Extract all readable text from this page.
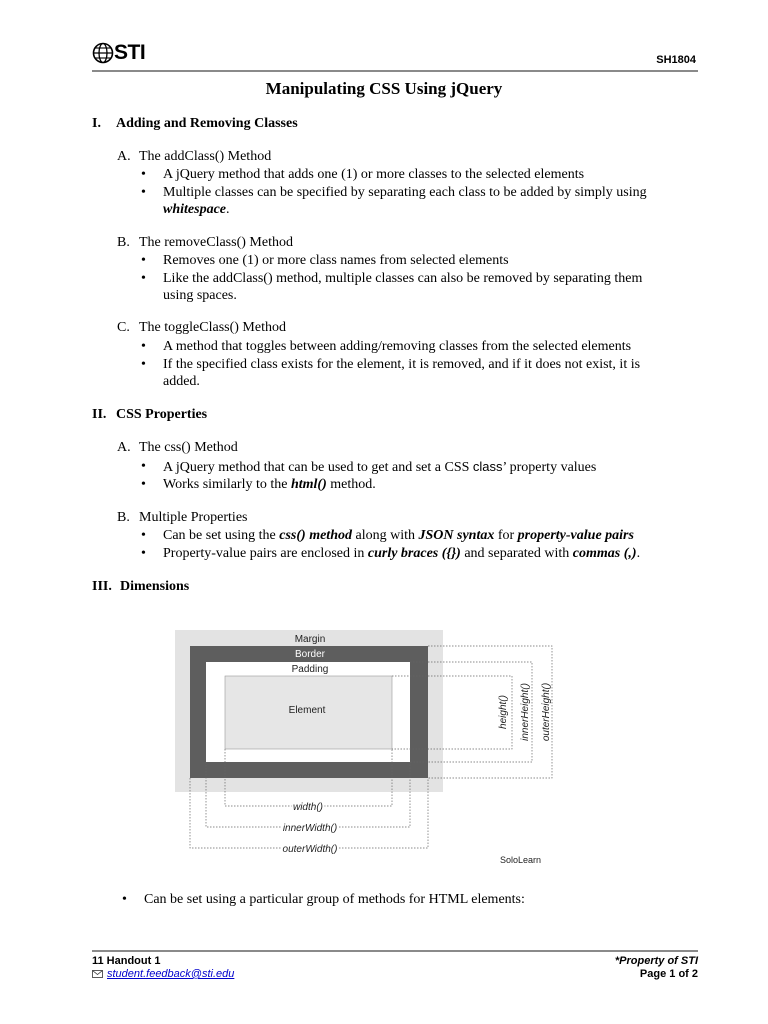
STI	SH1804
Manipulating CSS Using jQuery
I. Adding and Removing Classes
A. The addClass() Method
• A jQuery method that adds one (1) or more classes to the selected elements
• Multiple classes can be specified by separating each class to be added by simply using
whitespace.
B. The removeClass() Method
• Removes one (1) or more class names from selected elements
• Like the addClass() method, multiple classes can also be removed by separating them
using spaces.
C. The toggleClass() Method
• A method that toggles between adding/removing classes from the selected elements
• If the specified class exists for the element, it is removed, and if it does not exist, it is
added.
II. CSS Properties
A. The css() Method
• A jQuery method that can be used to get and set a CSS class’ property values
• Works similarly to the html() method.
B. Multiple Properties
• Can be set using the css() method along with JSON syntax for property-value pairs
• Property-value pairs are enclosed in curly braces ({}) and separated with commas (,).
III. Dimensions
Margin
Border
Padding
Element	height() innerHeight() outerHeight()
width()
innerWidth()
outerWidth()
SoloLearn
• Can be set using a particular group of methods for HTML elements:
11 Handout 1	*Property of STI
student.feedback@sti.edu	Page 1 of 2
